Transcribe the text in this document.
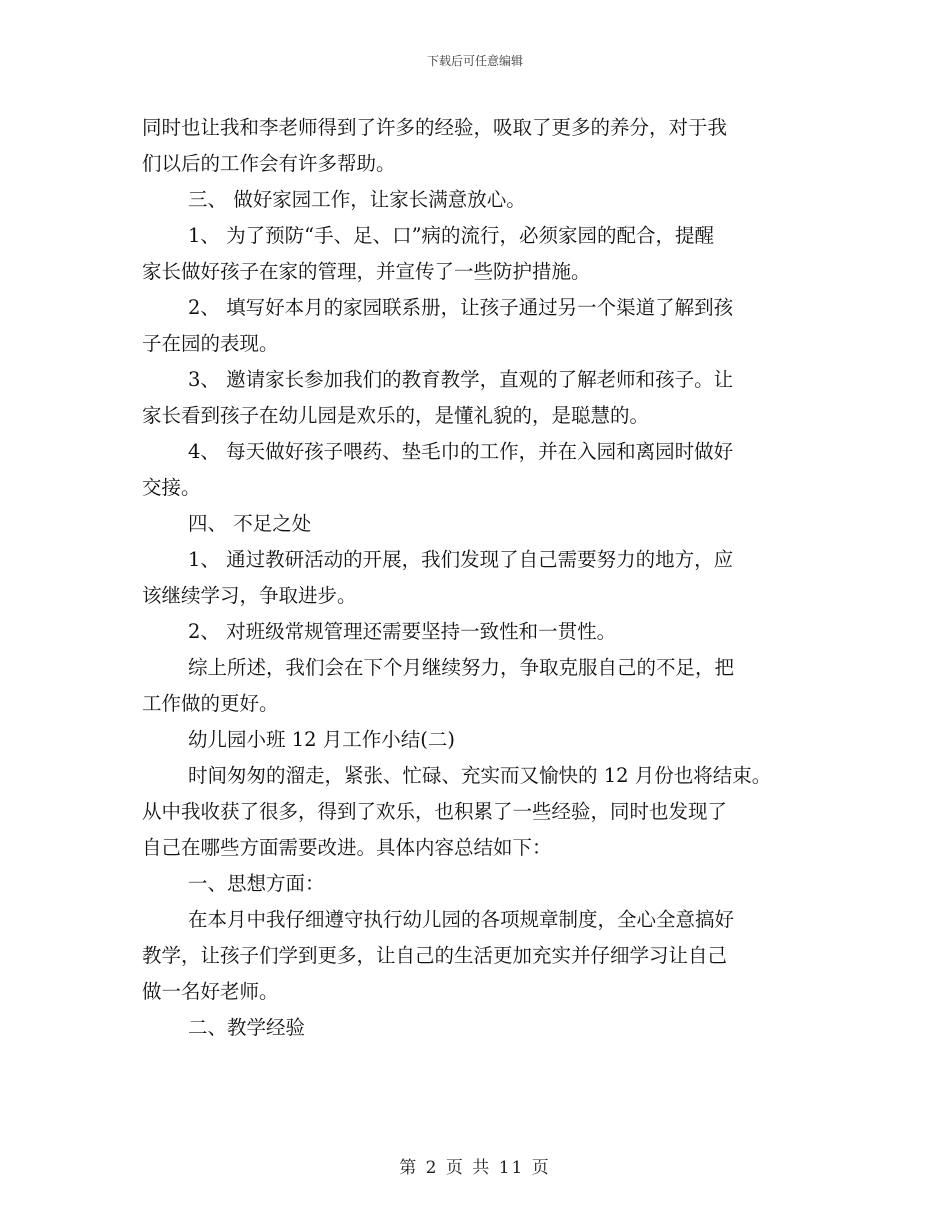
下载后可任意编辑
同时也让我和李老师得到了许多的经验，吸取了更多的养分，对于我
们以后的工作会有许多帮助。
三、 做好家园工作，让家长满意放心。
1、 为了预防“手、足、口”病的流行，必须家园的配合，提醒
家长做好孩子在家的管理，并宣传了一些防护措施。
2、 填写好本月的家园联系册，让孩子通过另一个渠道了解到孩
子在园的表现。
3、 邀请家长参加我们的教育教学，直观的了解老师和孩子。让
家长看到孩子在幼儿园是欢乐的，是懂礼貌的，是聪慧的。
4、 每天做好孩子喂药、垫毛巾的工作，并在入园和离园时做好
交接。
四、 不足之处
1、 通过教研活动的开展，我们发现了自己需要努力的地方，应
该继续学习，争取进步。
2、 对班级常规管理还需要坚持一致性和一贯性。
综上所述，我们会在下个月继续努力，争取克服自己的不足，把
工作做的更好。
幼儿园小班 12 月工作小结(二)
时间匆匆的溜走，紧张、忙碌、充实而又愉快的 12 月份也将结束。
从中我收获了很多，得到了欢乐，也积累了一些经验，同时也发现了
自己在哪些方面需要改进。具体内容总结如下：
一、思想方面：
在本月中我仔细遵守执行幼儿园的各项规章制度，全心全意搞好
教学，让孩子们学到更多，让自己的生活更加充实并仔细学习让自己
做一名好老师。
二、教学经验
第 2 页 共 11 页
